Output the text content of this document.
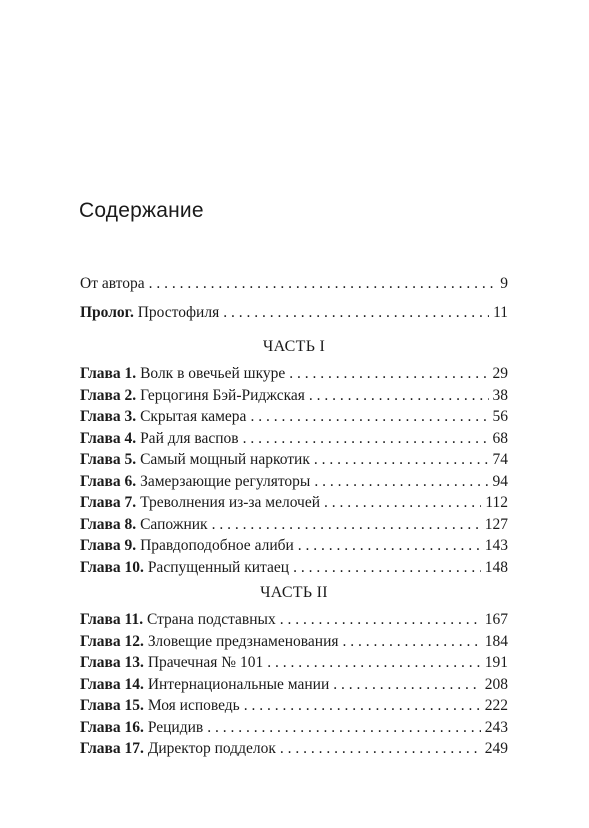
Содержание
От автора . . .	9
Пролог. Простофиля . . .	11
ЧАСТЬ I
Глава 1. Волк в овечьей шкуре . . .	29
Глава 2. Герцогиня Бэй-Риджская . . .	38
Глава 3. Скрытая камера . . .	56
Глава 4. Рай для васпов . . .	68
Глава 5. Самый мощный наркотик . . .	74
Глава 6. Замерзающие регуляторы . . .	94
Глава 7. Треволнения из-за мелочей . . .	112
Глава 8. Сапожник . . .	127
Глава 9. Правдоподобное алиби . . .	143
Глава 10. Распущенный китаец . . .	148
ЧАСТЬ II
Глава 11. Страна подставных . . .	167
Глава 12. Зловещие предзнаменования . . .	184
Глава 13. Прачечная № 101 . . .	191
Глава 14. Интернациональные мании . . .	208
Глава 15. Моя исповедь . . .	222
Глава 16. Рецидив . . .	243
Глава 17. Директор подделок . . .	249
